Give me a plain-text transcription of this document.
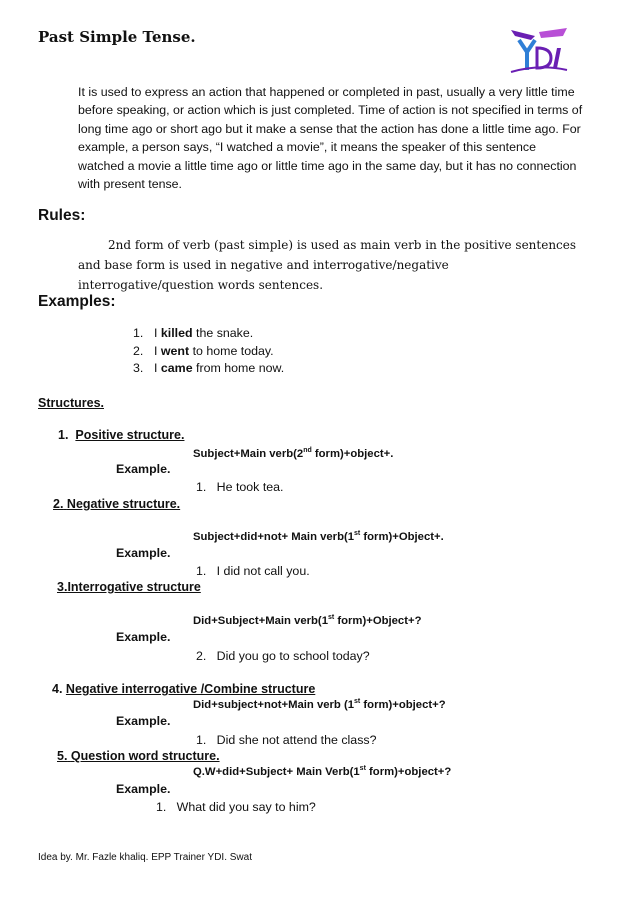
Past Simple Tense.
It is used to express an action that happened or completed in past, usually a very little time before speaking, or action which is just completed. Time of action is not specified in terms of long time ago or short ago but it make a sense that the action has done a little time ago. For example, a person says, “I watched a movie”, it means the speaker of this sentence watched a movie a little time ago or little time ago in the same day, but it has no connection with present tense.
Rules:
2nd form of verb (past simple) is used as main verb in the positive sentences and base form is used in negative and interrogative/negative interrogative/question words sentences.
Examples:
1. I killed the snake.
2. I went to home today.
3. I came from home now.
Structures.
1. Positive structure.
Subject+Main verb(2nd form)+object+.
Example.
1. He took tea.
2. Negative structure.
Subject+did+not+ Main verb(1st form)+Object+.
Example.
1. I did not call you.
3.Interrogative structure
Did+Subject+Main verb(1st form)+Object+?
Example.
2. Did you go to school today?
4. Negative interrogative /Combine structure
Did+subject+not+Main verb (1st form)+object+?
Example.
1. Did she not attend the class?
5. Question word structure.
Q.W+did+Subject+ Main Verb(1st form)+object+?
Example.
1. What did you say to him?
Idea by. Mr. Fazle khaliq. EPP Trainer YDI. Swat
